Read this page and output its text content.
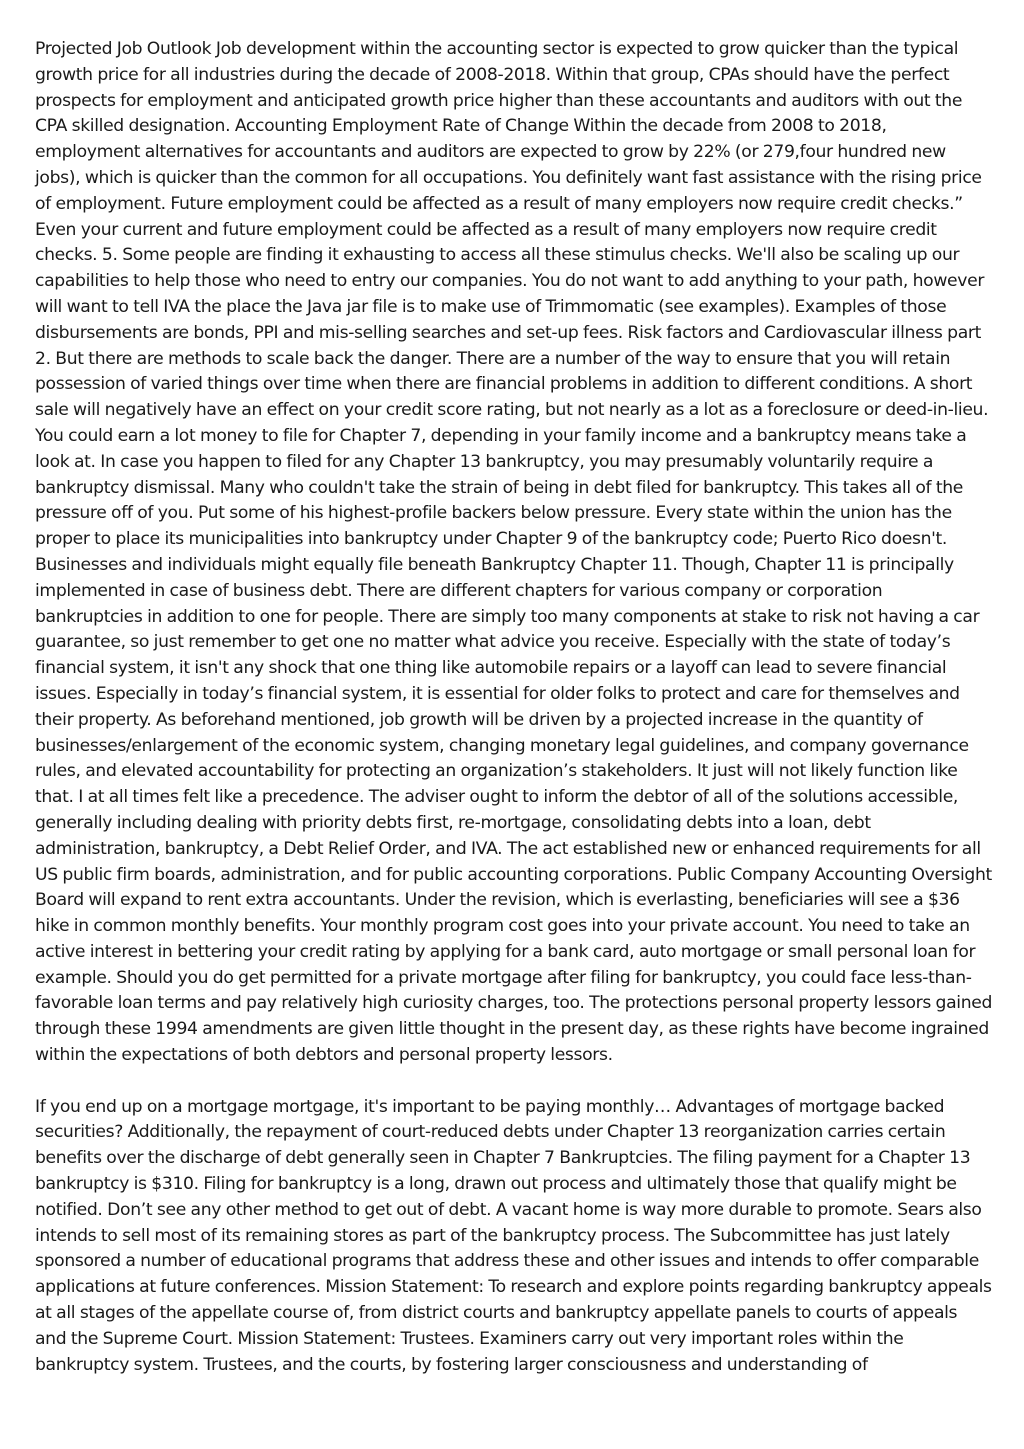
Projected Job Outlook Job development within the accounting sector is expected to grow quicker than the typical growth price for all industries during the decade of 2008-2018. Within that group, CPAs should have the perfect prospects for employment and anticipated growth price higher than these accountants and auditors with out the CPA skilled designation. Accounting Employment Rate of Change Within the decade from 2008 to 2018, employment alternatives for accountants and auditors are expected to grow by 22% (or 279,four hundred new jobs), which is quicker than the common for all occupations. You definitely want fast assistance with the rising price of employment. Future employment could be affected as a result of many employers now require credit checks.” Even your current and future employment could be affected as a result of many employers now require credit checks. 5. Some people are finding it exhausting to access all these stimulus checks. We'll also be scaling up our capabilities to help those who need to entry our companies. You do not want to add anything to your path, however will want to tell IVA the place the Java jar file is to make use of Trimmomatic (see examples). Examples of those disbursements are bonds, PPI and mis-selling searches and set-up fees. Risk factors and Cardiovascular illness part 2. But there are methods to scale back the danger. There are a number of the way to ensure that you will retain possession of varied things over time when there are financial problems in addition to different conditions. A short sale will negatively have an effect on your credit score rating, but not nearly as a lot as a foreclosure or deed-in-lieu. You could earn a lot money to file for Chapter 7, depending in your family income and a bankruptcy means take a look at. In case you happen to filed for any Chapter 13 bankruptcy, you may presumably voluntarily require a bankruptcy dismissal. Many who couldn't take the strain of being in debt filed for bankruptcy. This takes all of the pressure off of you. Put some of his highest-profile backers below pressure. Every state within the union has the proper to place its municipalities into bankruptcy under Chapter 9 of the bankruptcy code; Puerto Rico doesn't. Businesses and individuals might equally file beneath Bankruptcy Chapter 11. Though, Chapter 11 is principally implemented in case of business debt. There are different chapters for various company or corporation bankruptcies in addition to one for people. There are simply too many components at stake to risk not having a car guarantee, so just remember to get one no matter what advice you receive. Especially with the state of today’s financial system, it isn't any shock that one thing like automobile repairs or a layoff can lead to severe financial issues. Especially in today’s financial system, it is essential for older folks to protect and care for themselves and their property. As beforehand mentioned, job growth will be driven by a projected increase in the quantity of businesses/enlargement of the economic system, changing monetary legal guidelines, and company governance rules, and elevated accountability for protecting an organization’s stakeholders. It just will not likely function like that. I at all times felt like a precedence. The adviser ought to inform the debtor of all of the solutions accessible, generally including dealing with priority debts first, re-mortgage, consolidating debts into a loan, debt administration, bankruptcy, a Debt Relief Order, and IVA. The act established new or enhanced requirements for all US public firm boards, administration, and for public accounting corporations. Public Company Accounting Oversight Board will expand to rent extra accountants. Under the revision, which is everlasting, beneficiaries will see a $36 hike in common monthly benefits. Your monthly program cost goes into your private account. You need to take an active interest in bettering your credit rating by applying for a bank card, auto mortgage or small personal loan for example. Should you do get permitted for a private mortgage after filing for bankruptcy, you could face less-than-favorable loan terms and pay relatively high curiosity charges, too. The protections personal property lessors gained through these 1994 amendments are given little thought in the present day, as these rights have become ingrained within the expectations of both debtors and personal property lessors.

If you end up on a mortgage mortgage, it's important to be paying monthly… Advantages of mortgage backed securities? Additionally, the repayment of court-reduced debts under Chapter 13 reorganization carries certain benefits over the discharge of debt generally seen in Chapter 7 Bankruptcies. The filing payment for a Chapter 13 bankruptcy is $310. Filing for bankruptcy is a long, drawn out process and ultimately those that qualify might be notified. Don’t see any other method to get out of debt. A vacant home is way more durable to promote. Sears also intends to sell most of its remaining stores as part of the bankruptcy process. The Subcommittee has just lately sponsored a number of educational programs that address these and other issues and intends to offer comparable applications at future conferences. Mission Statement: To research and explore points regarding bankruptcy appeals at all stages of the appellate course of, from district courts and bankruptcy appellate panels to courts of appeals and the Supreme Court. Mission Statement: Trustees. Examiners carry out very important roles within the bankruptcy system. Trustees, and the courts, by fostering larger consciousness and understanding of
